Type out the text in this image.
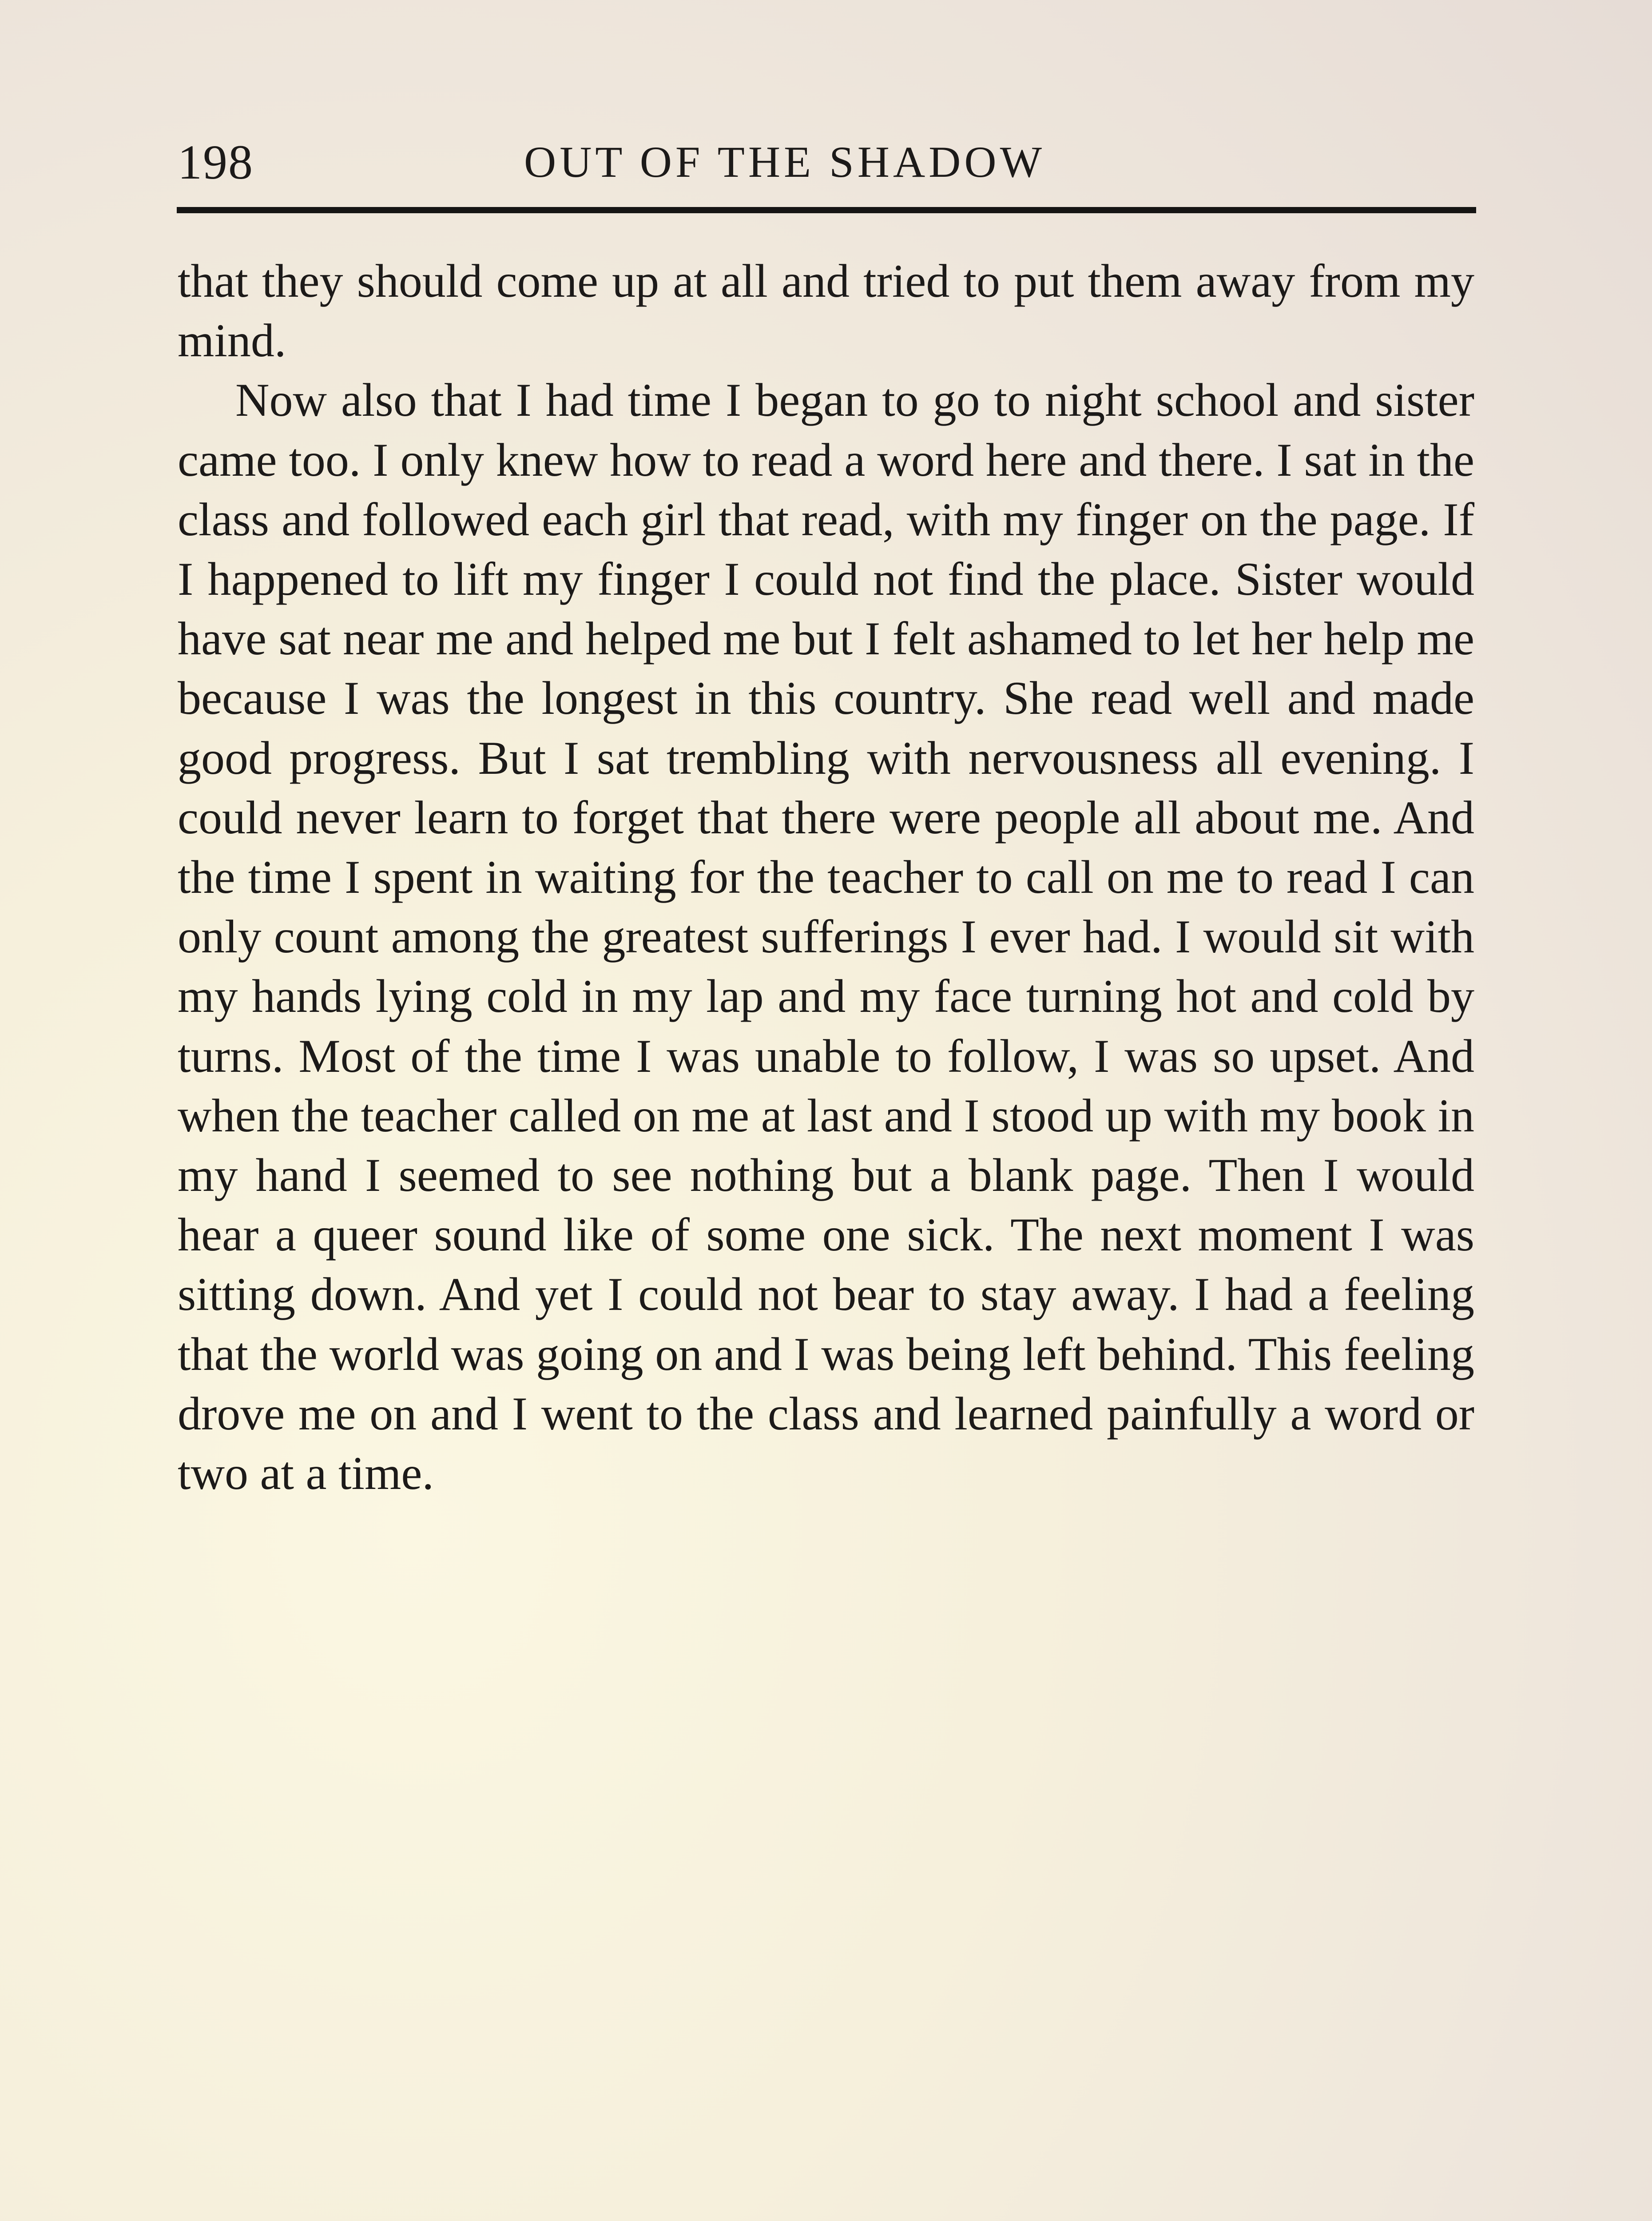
198	OUT OF THE SHADOW

that they should come up at all and tried to put them away from my mind.

Now also that I had time I began to go to night school and sister came too. I only knew how to read a word here and there. I sat in the class and followed each girl that read, with my finger on the page. If I happened to lift my finger I could not find the place. Sister would have sat near me and helped me but I felt ashamed to let her help me because I was the longest in this country. She read well and made good progress. But I sat trembling with nervousness all evening. I could never learn to forget that there were people all about me. And the time I spent in waiting for the teacher to call on me to read I can only count among the greatest sufferings I ever had. I would sit with my hands lying cold in my lap and my face turning hot and cold by turns. Most of the time I was unable to follow, I was so upset. And when the teacher called on me at last and I stood up with my book in my hand I seemed to see nothing but a blank page. Then I would hear a queer sound like of some one sick. The next moment I was sitting down. And yet I could not bear to stay away. I had a feeling that the world was going on and I was being left behind. This feeling drove me on and I went to the class and learned painfully a word or two at a time.
